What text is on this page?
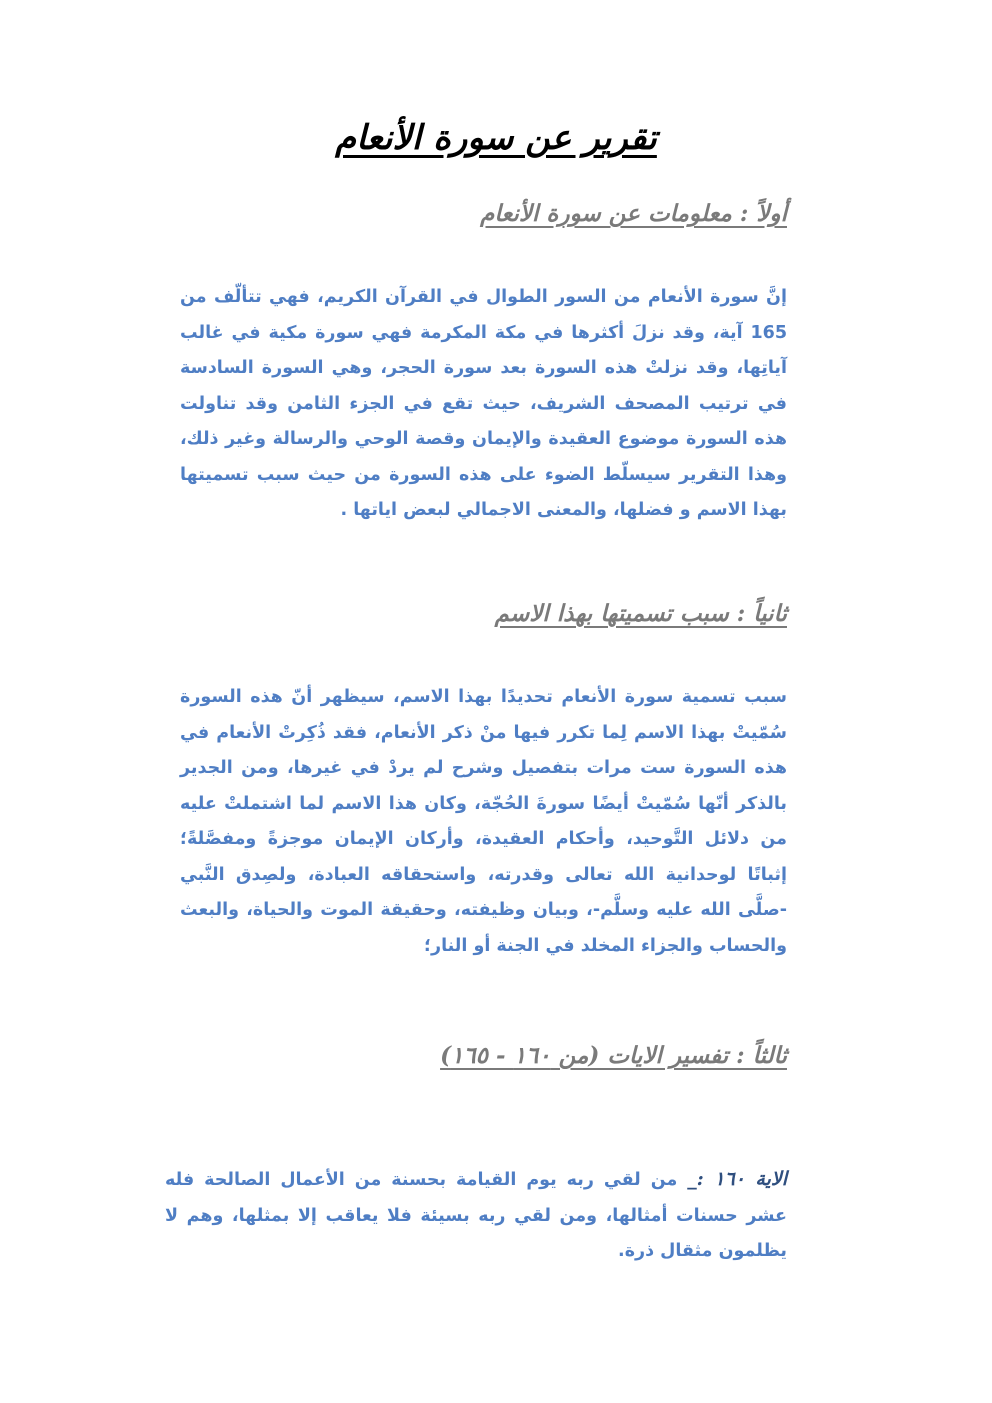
تقرير عن سورة الأنعام
أولاً : معلومات عن سورة الأنعام

إنَّ سورة الأنعام من السور الطوال في القرآن الكريم، فهي تتألّف من 165 آية، وقد نزلَ أكثرها في مكة المكرمة فهي سورة مكية في غالب آياتِها، وقد نزلتْ هذه السورة بعد سورة الحجر، وهي السورة السادسة في ترتيب المصحف الشريف، حيث تقع في الجزء الثامن وقد تناولت هذه السورة موضوع العقيدة والإيمان وقصة الوحي والرسالة وغير ذلك، وهذا التقرير سيسلّط الضوء على هذه السورة من حيث سبب تسميتها بهذا الاسم و فضلها، والمعنى الاجمالي لبعض اياتها .

ثانياً : سبب تسميتها بهذا الاسم

سبب تسمية سورة الأنعام تحديدًا بهذا الاسم، سيظهر أنّ هذه السورة سُمّيتْ بهذا الاسم لِما تكرر فيها منْ ذكر الأنعام، فقد ذُكِرتْ الأنعام في هذه السورة ست مرات بتفصيل وشرح لم يردْ في غيرها، ومن الجدير بالذكر أنّها سُمّيتْ أيضًا سورةَ الحُجّة، وكان هذا الاسم لما اشتملتْ عليه من دلائل التَّوحيد، وأحكام العقيدة، وأركان الإيمان موجزةً ومفصَّلةً؛ إثباتًا لوحدانية الله تعالى وقدرته، واستحقاقه العبادة، ولصِدق النَّبي -صلَّى الله عليه وسلَّم-، وبيان وظيفته، وحقيقة الموت والحياة، والبعث والحساب والجزاء المخلد في الجنة أو النار؛

ثالثاً : تفسير الايات (من ١٦٠ - ١٦٥)

الاية ١٦٠ :_ من لقي ربه يوم القيامة بحسنة من الأعمال الصالحة فله عشر حسنات أمثالها، ومن لقي ربه بسيئة فلا يعاقب إلا بمثلها، وهم لا يظلمون مثقال ذرة.
